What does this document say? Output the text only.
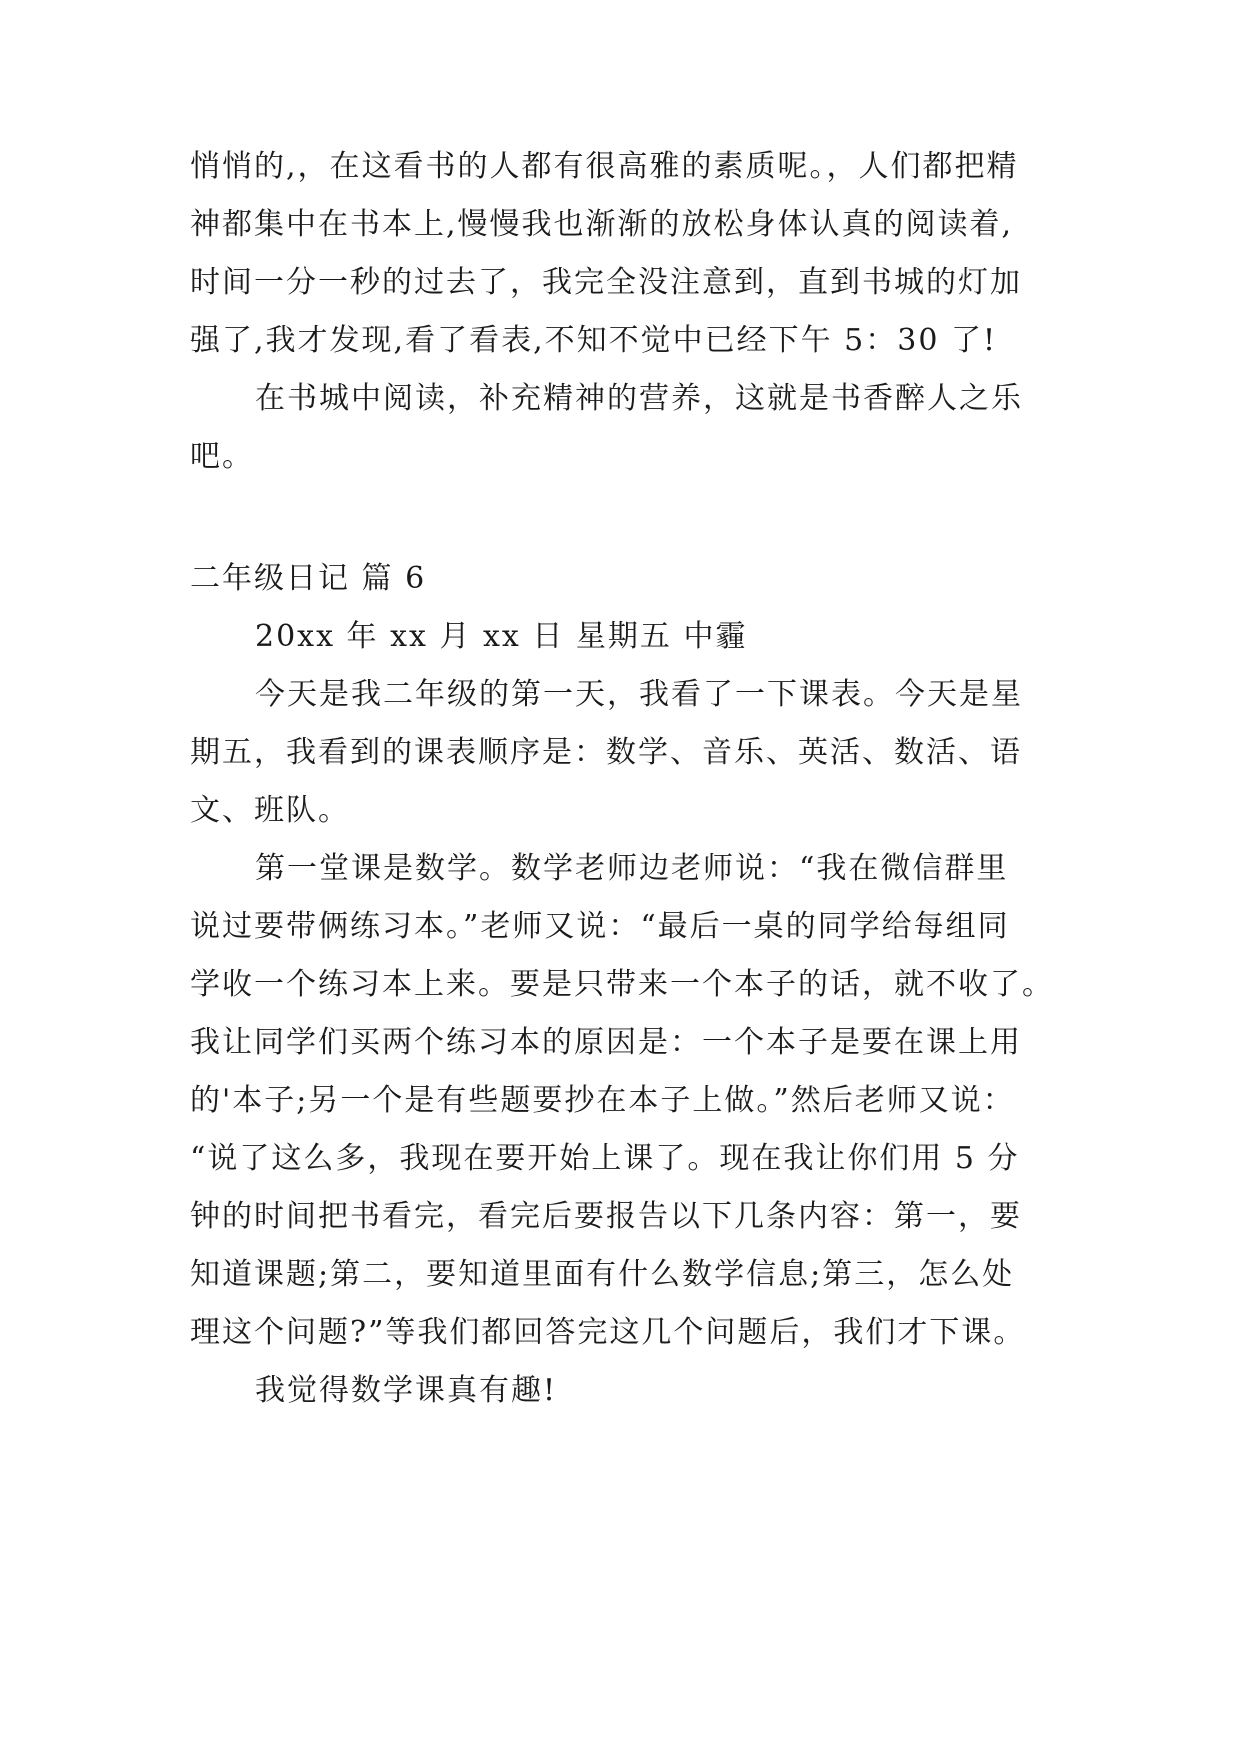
悄悄的,，在这看书的人都有很高雅的素质呢。，人们都把精
神都集中在书本上,慢慢我也渐渐的放松身体认真的阅读着,
时间一分一秒的过去了，我完全没注意到，直到书城的灯加
强了,我才发现,看了看表,不知不觉中已经下午 5：30 了!
在书城中阅读，补充精神的营养，这就是书香醉人之乐
吧。
二年级日记 篇 6
20xx 年 xx 月 xx 日 星期五 中霾
今天是我二年级的第一天，我看了一下课表。今天是星
期五，我看到的课表顺序是：数学、音乐、英活、数活、语
文、班队。
第一堂课是数学。数学老师边老师说：“我在微信群里
说过要带俩练习本。”老师又说：“最后一桌的同学给每组同
学收一个练习本上来。要是只带来一个本子的话，就不收了。
我让同学们买两个练习本的原因是：一个本子是要在课上用
的'本子;另一个是有些题要抄在本子上做。”然后老师又说：
“说了这么多，我现在要开始上课了。现在我让你们用 5 分
钟的时间把书看完，看完后要报告以下几条内容：第一，要
知道课题;第二，要知道里面有什么数学信息;第三，怎么处
理这个问题?”等我们都回答完这几个问题后，我们才下课。
我觉得数学课真有趣!
